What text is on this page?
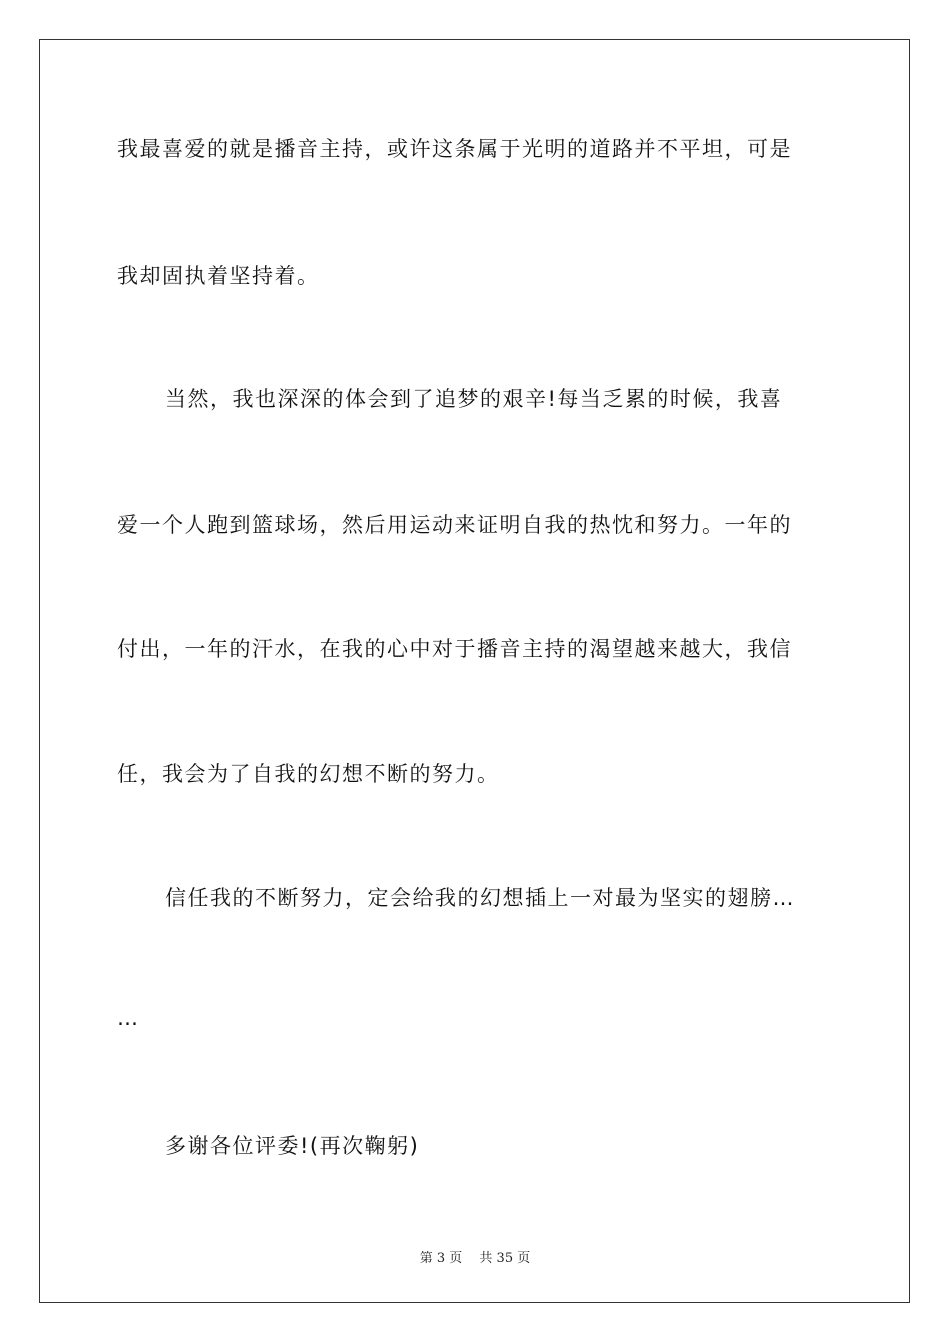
我最喜爱的就是播音主持，或许这条属于光明的道路并不平坦，可是
我却固执着坚持着。
当然，我也深深的体会到了追梦的艰辛!每当乏累的时候，我喜
爱一个人跑到篮球场，然后用运动来证明自我的热忱和努力。一年的
付出，一年的汗水，在我的心中对于播音主持的渴望越来越大，我信
任，我会为了自我的幻想不断的努力。
信任我的不断努力，定会给我的幻想插上一对最为坚实的翅膀…
…
多谢各位评委!(再次鞠躬)
第 3 页　 共 35 页
